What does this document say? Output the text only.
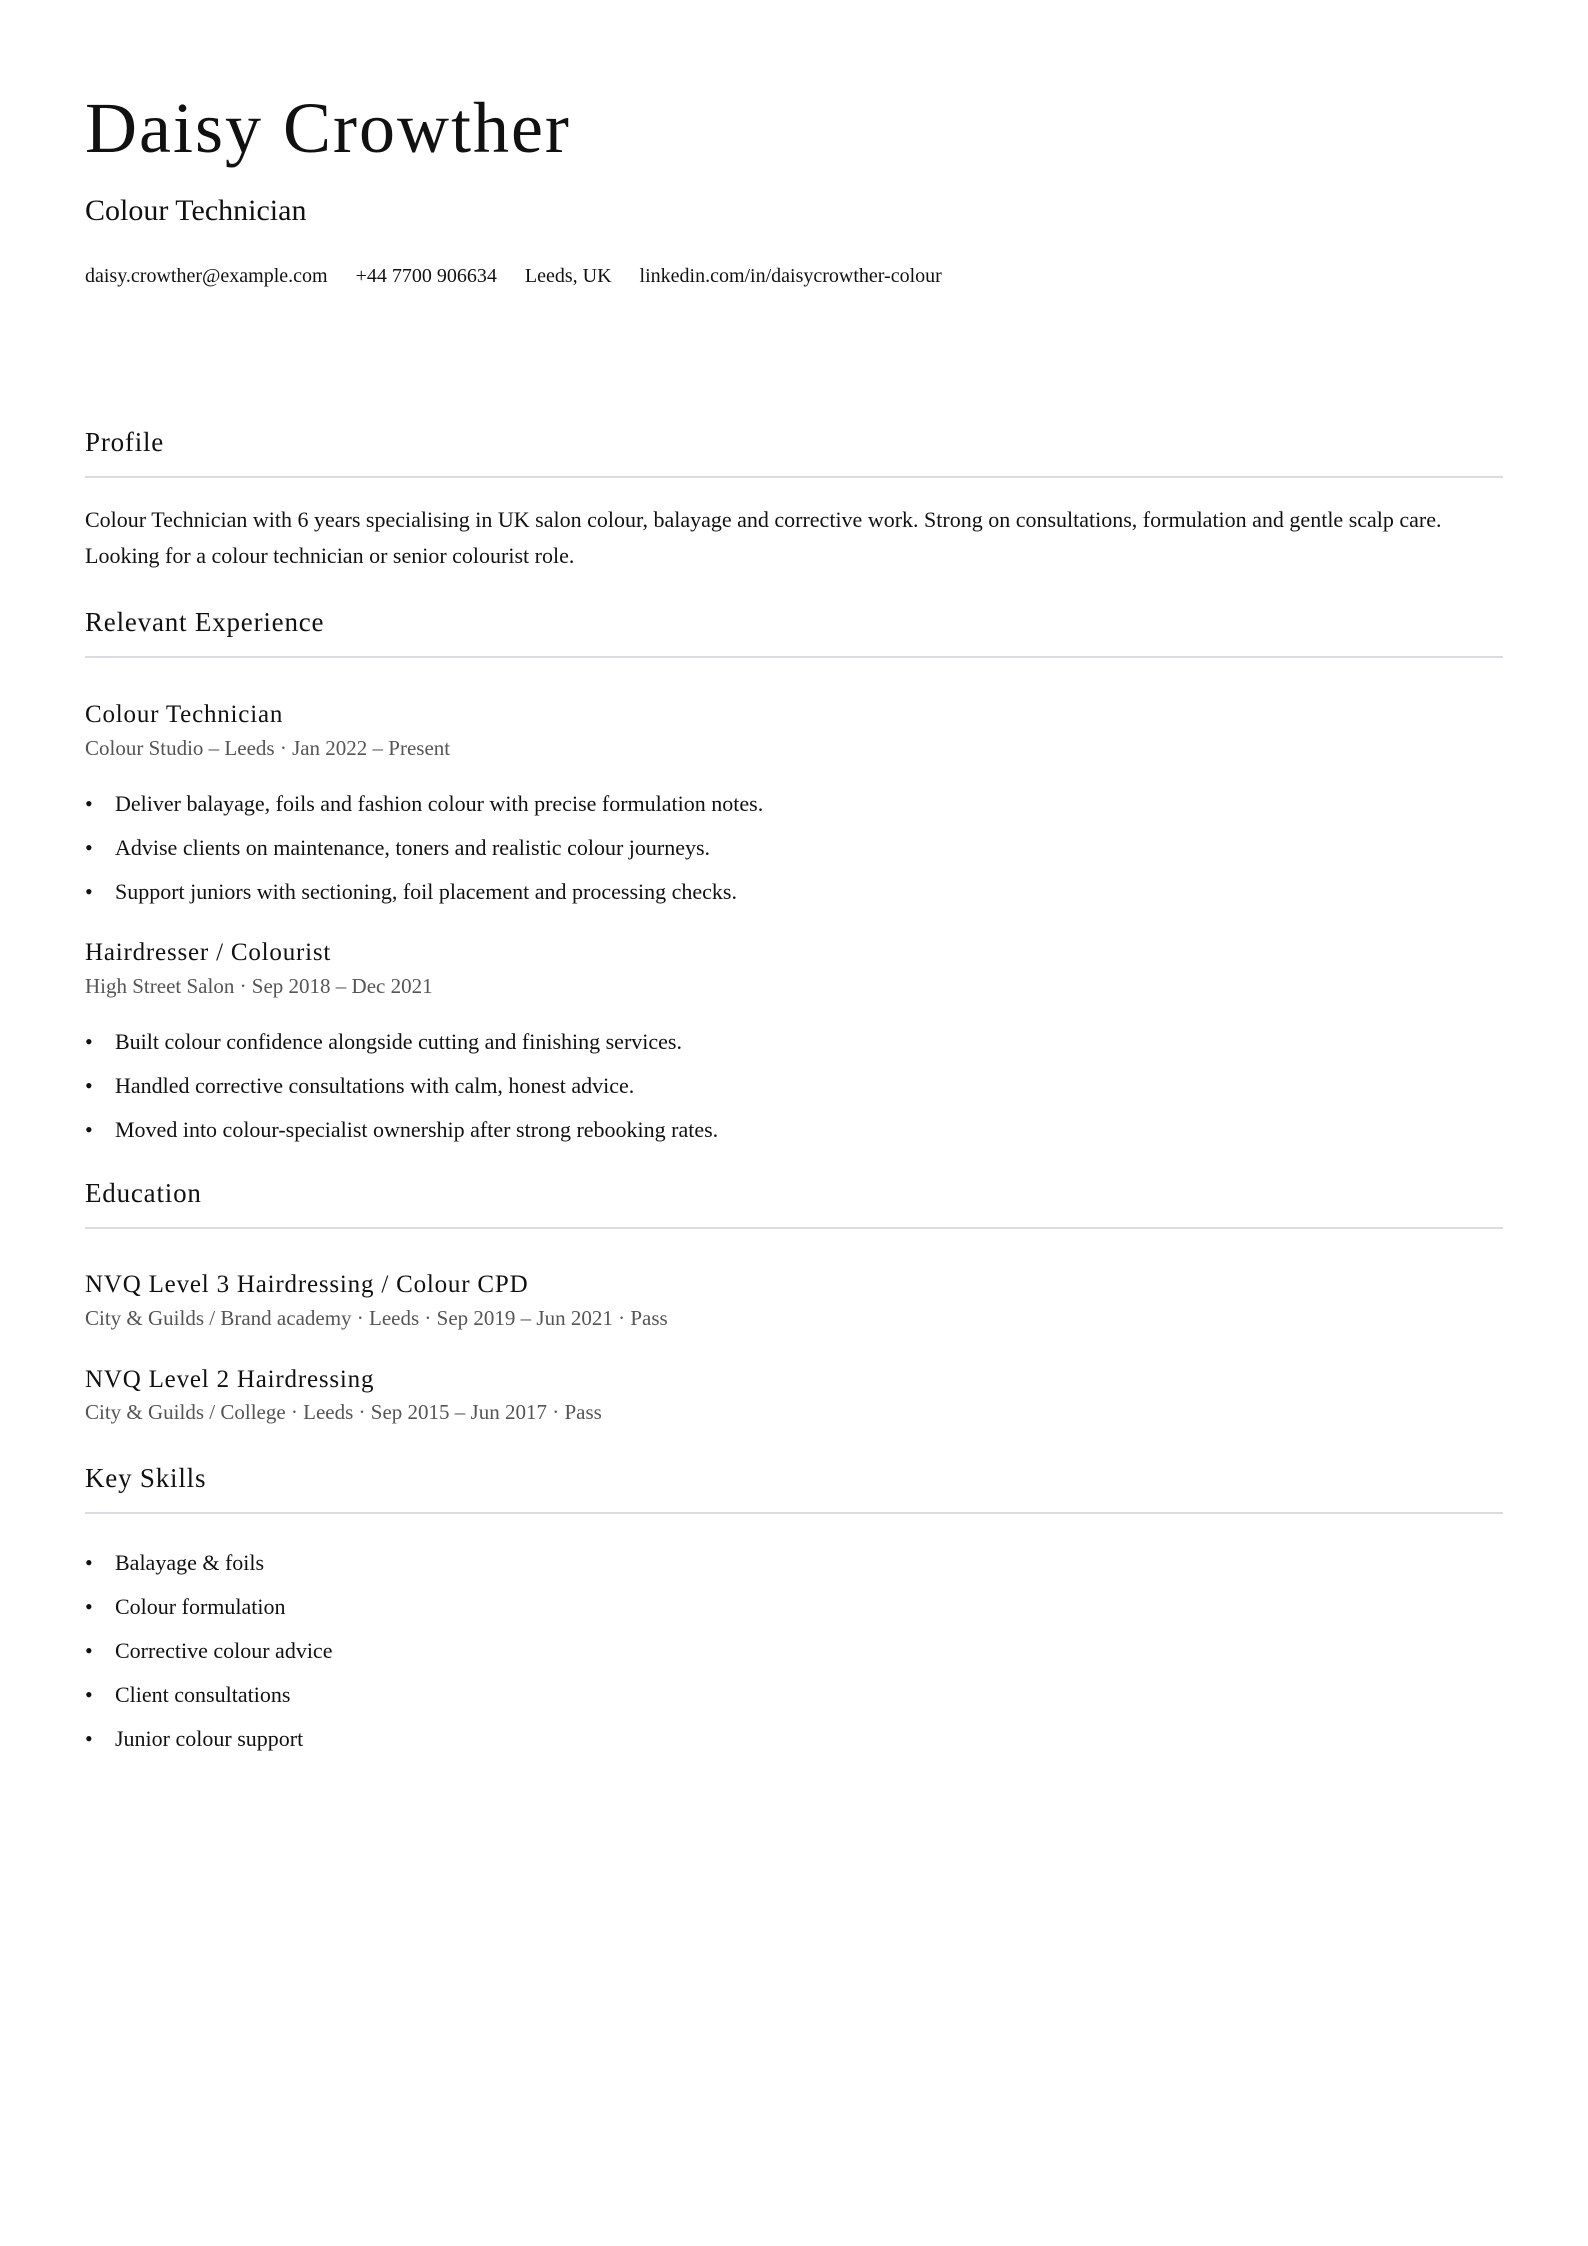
Daisy Crowther
Colour Technician
daisy.crowther@example.com +44 7700 906634 Leeds, UK linkedin.com/in/daisycrowther-colour
Profile
Colour Technician with 6 years specialising in UK salon colour, balayage and corrective work. Strong on consultations, formulation and gentle scalp care. Looking for a colour technician or senior colourist role.
Relevant Experience
Colour Technician
Colour Studio – Leeds · Jan 2022 – Present
• Deliver balayage, foils and fashion colour with precise formulation notes.
• Advise clients on maintenance, toners and realistic colour journeys.
• Support juniors with sectioning, foil placement and processing checks.
Hairdresser / Colourist
High Street Salon · Sep 2018 – Dec 2021
• Built colour confidence alongside cutting and finishing services.
• Handled corrective consultations with calm, honest advice.
• Moved into colour-specialist ownership after strong rebooking rates.
Education
NVQ Level 3 Hairdressing / Colour CPD
City & Guilds / Brand academy · Leeds · Sep 2019 – Jun 2021 · Pass
NVQ Level 2 Hairdressing
City & Guilds / College · Leeds · Sep 2015 – Jun 2017 · Pass
Key Skills
• Balayage & foils
• Colour formulation
• Corrective colour advice
• Client consultations
• Junior colour support
